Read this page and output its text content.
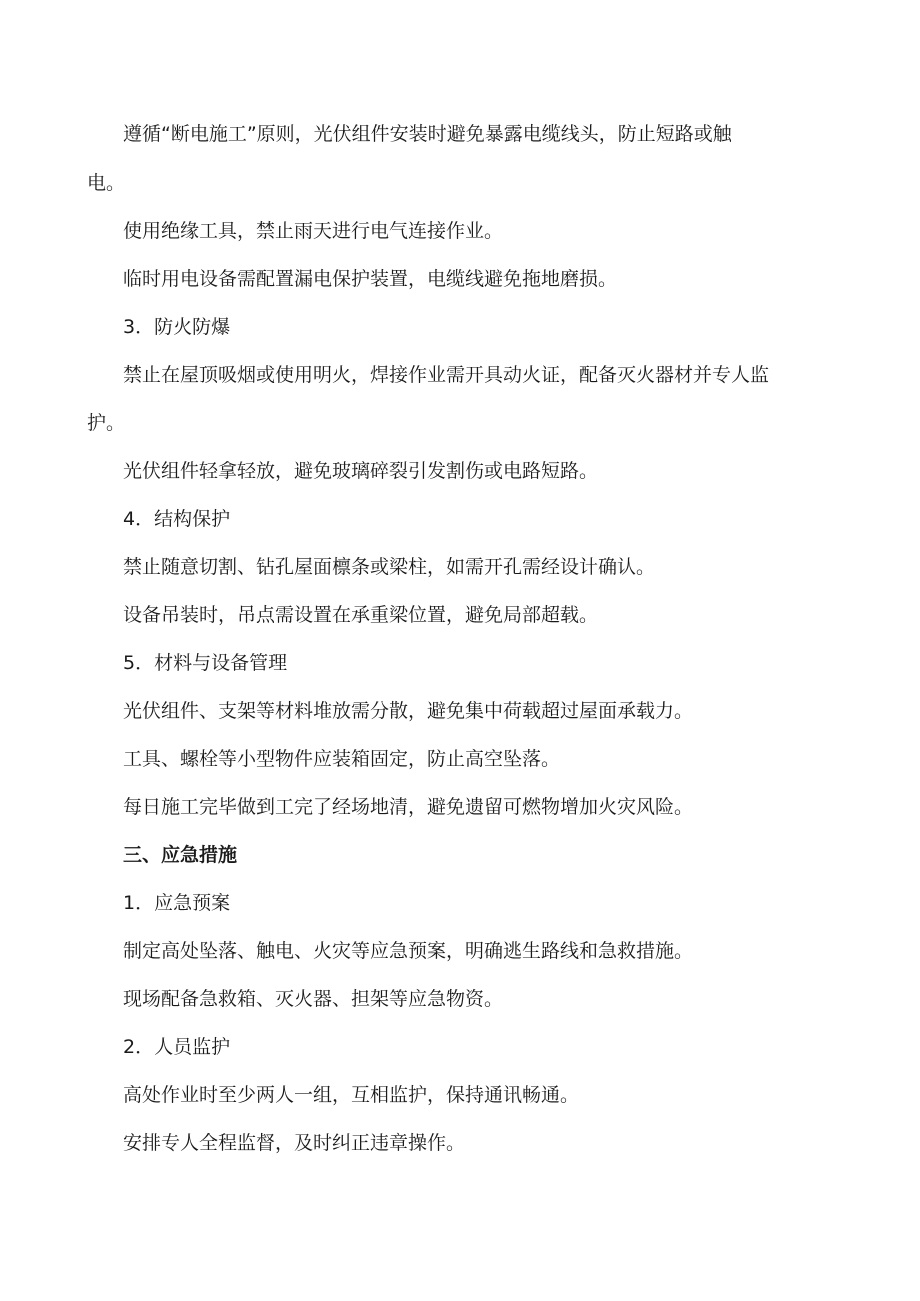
遵循“断电施工”原则，光伏组件安装时避免暴露电缆线头，防止短路或触
电。
使用绝缘工具，禁止雨天进行电气连接作业。
临时用电设备需配置漏电保护装置，电缆线避免拖地磨损。
3．防火防爆
禁止在屋顶吸烟或使用明火，焊接作业需开具动火证，配备灭火器材并专人监
护。
光伏组件轻拿轻放，避免玻璃碎裂引发割伤或电路短路。
4．结构保护
禁止随意切割、钻孔屋面檩条或梁柱，如需开孔需经设计确认。
设备吊装时，吊点需设置在承重梁位置，避免局部超载。
5．材料与设备管理
光伏组件、支架等材料堆放需分散，避免集中荷载超过屋面承载力。
工具、螺栓等小型物件应装箱固定，防止高空坠落。
每日施工完毕做到工完了经场地清，避免遗留可燃物增加火灾风险。
三、应急措施
1．应急预案
制定高处坠落、触电、火灾等应急预案，明确逃生路线和急救措施。
现场配备急救箱、灭火器、担架等应急物资。
2．人员监护
高处作业时至少两人一组，互相监护，保持通讯畅通。
安排专人全程监督，及时纠正违章操作。
